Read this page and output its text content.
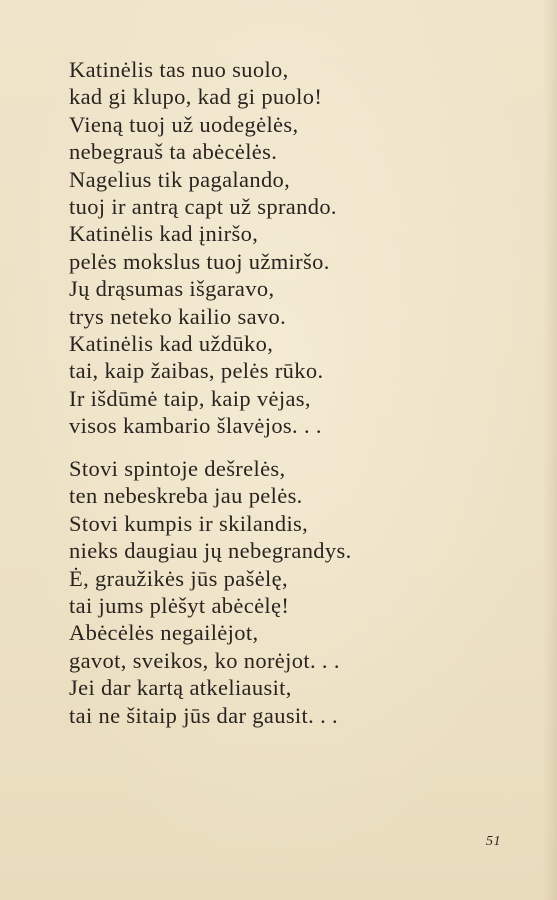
Katinėlis tas nuo suolo,
kad gi klupo, kad gi puolo!
Vieną tuoj už uodegėlės,
nebegrauš ta abėcėlės.
Nagelius tik pagalando,
tuoj ir antrą capt už sprando.
Katinėlis kad įniršo,
pelės mokslus tuoj užmiršo.
Jų drąsumas išgaravo,
trys neteko kailio savo.
Katinėlis kad uždūko,
tai, kaip žaibas, pelės rūko.
Ir išdūmė taip, kaip vėjas,
visos kambario šlavėjos. . .
Stovi spintoje dešrelės,
ten nebeskreba jau pelės.
Stovi kumpis ir skilandis,
nieks daugiau jų nebegrandys.
Ė, graužikės jūs pašėlę,
tai jums plėšyt abėcėlę!
Abėcėlės negailėjot,
gavot, sveikos, ko norėjot. . .
Jei dar kartą atkeliausit,
tai ne šitaip jūs dar gausit. . .
51
